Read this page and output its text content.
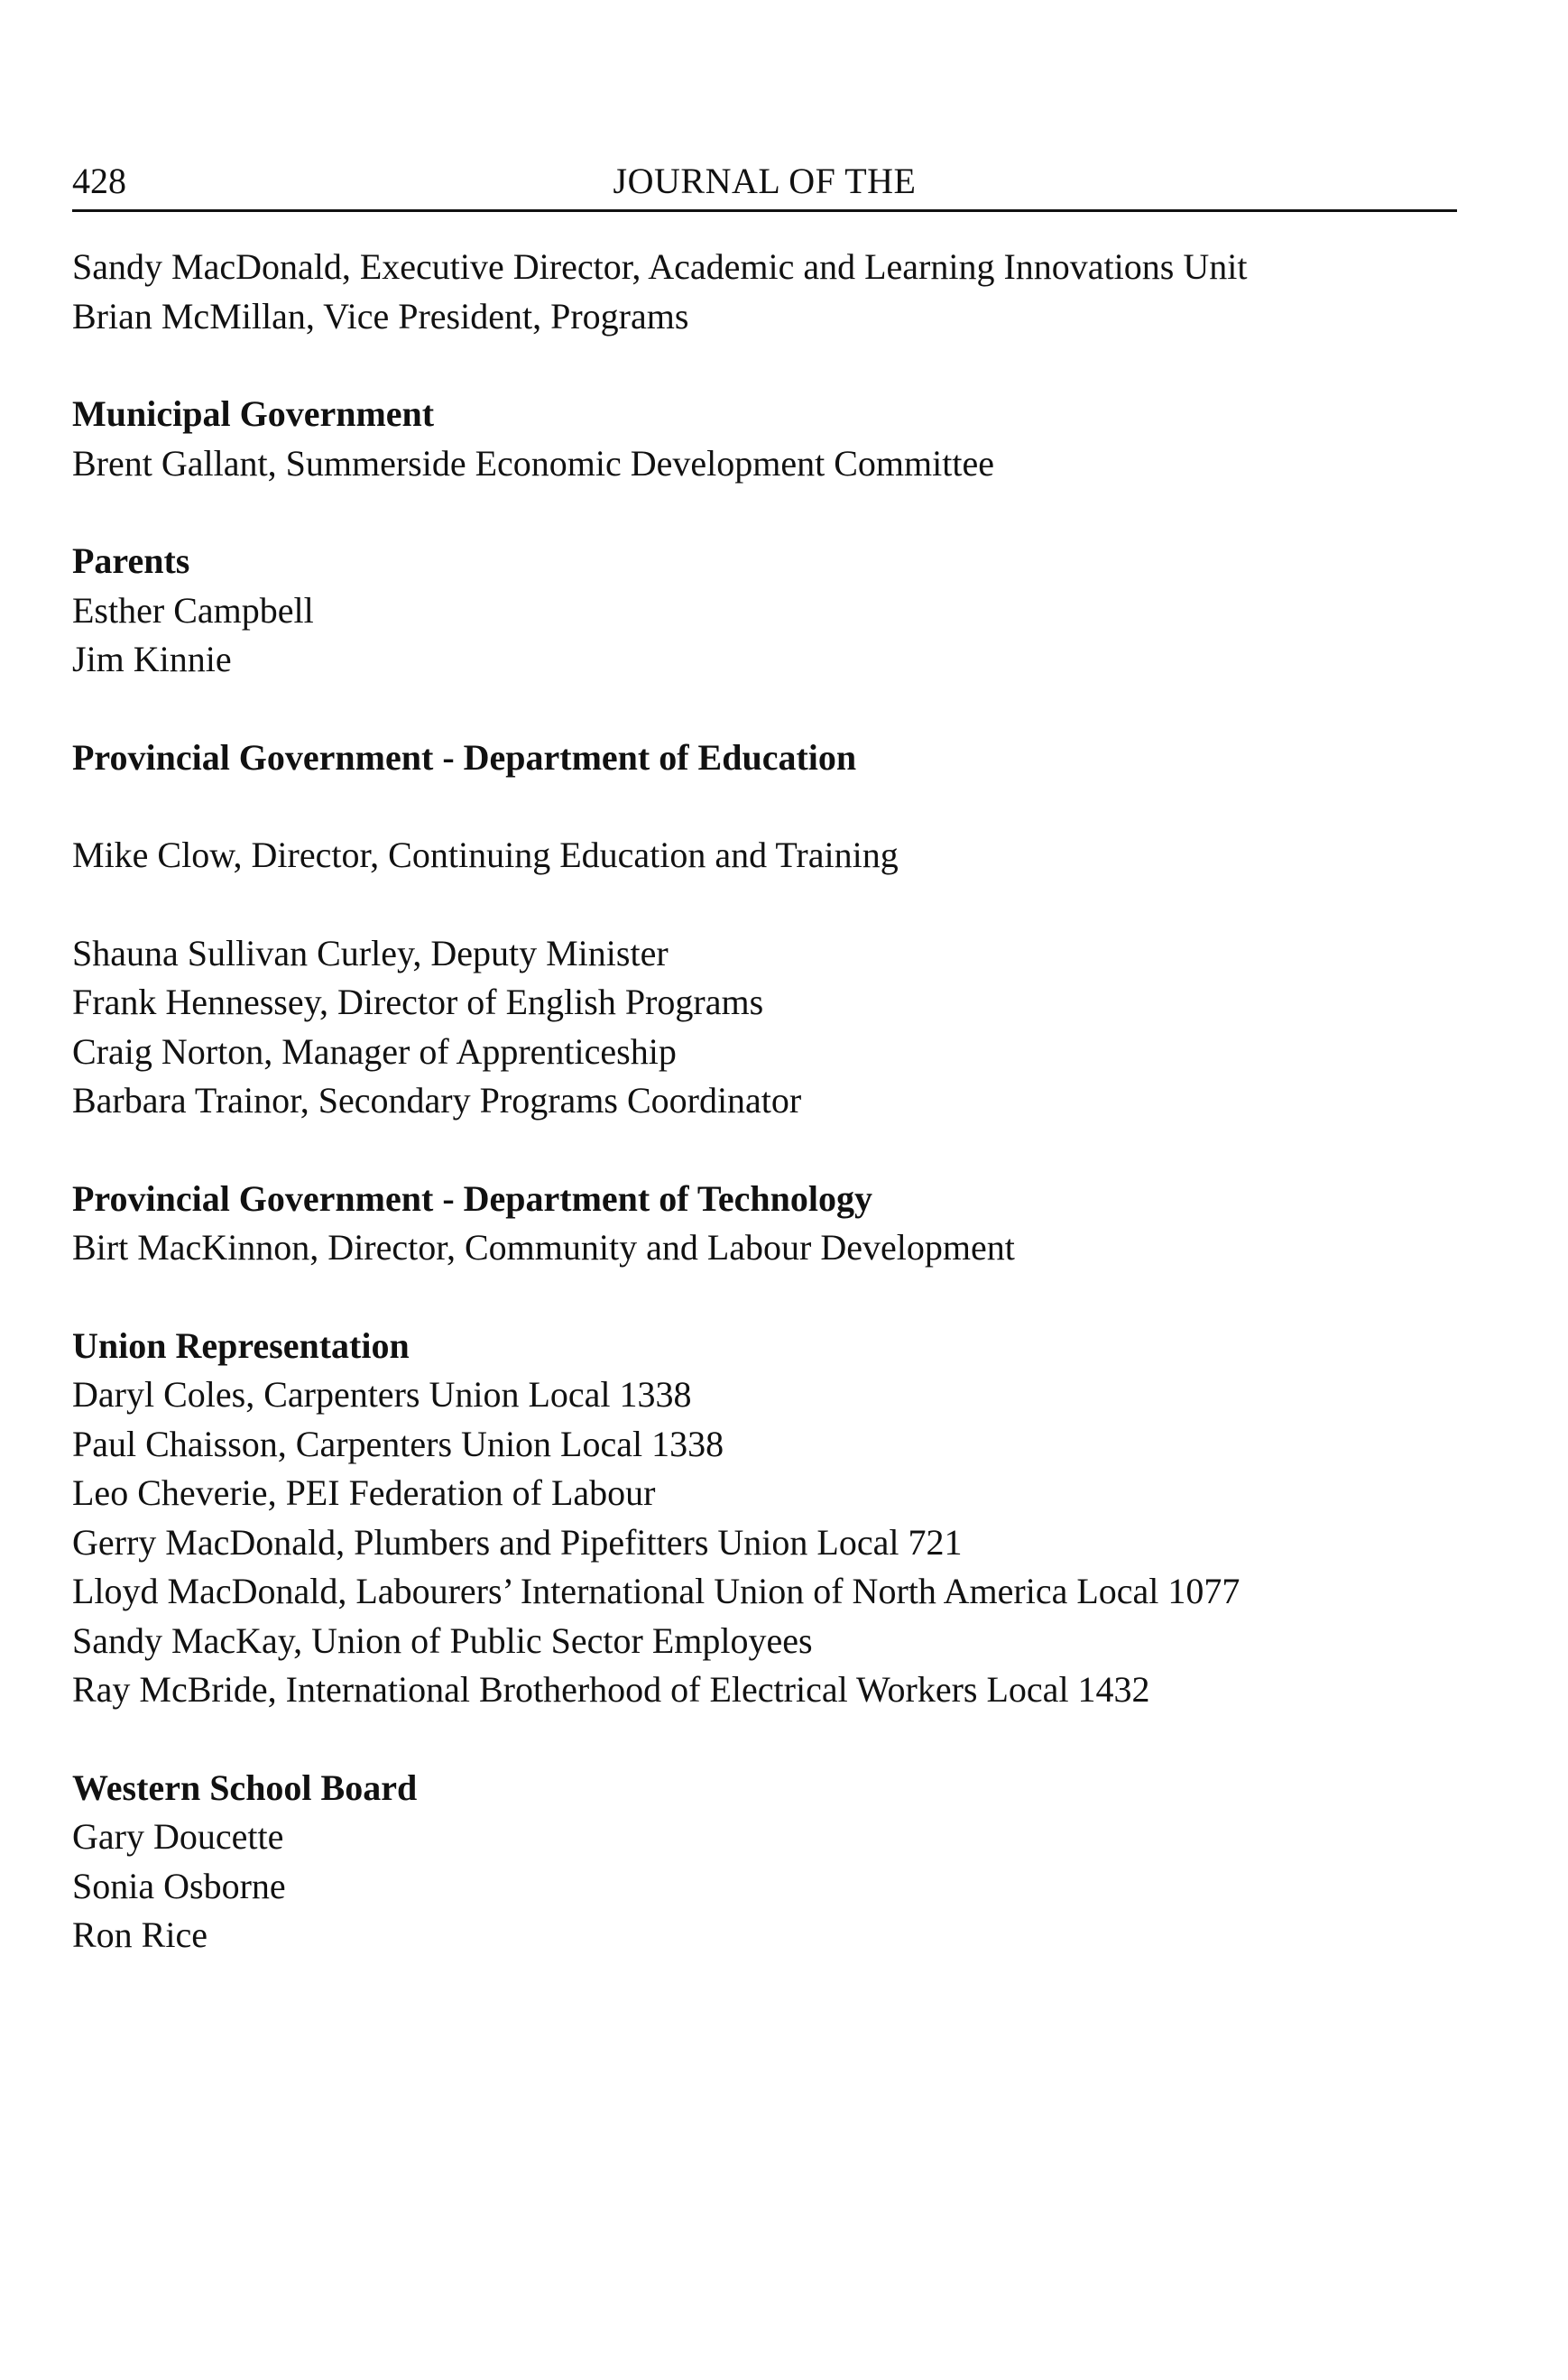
428	JOURNAL OF THE
Sandy MacDonald, Executive Director, Academic and Learning Innovations Unit
Brian McMillan, Vice President, Programs
Municipal Government
Brent Gallant, Summerside Economic Development Committee
Parents
Esther Campbell
Jim Kinnie
Provincial Government - Department of Education
Mike Clow, Director, Continuing Education and Training
Shauna Sullivan Curley, Deputy Minister
Frank Hennessey, Director of English Programs
Craig Norton, Manager of Apprenticeship
Barbara Trainor, Secondary Programs Coordinator
Provincial Government - Department of Technology
Birt MacKinnon, Director, Community and Labour Development
Union Representation
Daryl Coles, Carpenters Union Local 1338
Paul Chaisson, Carpenters Union Local 1338
Leo Cheverie, PEI Federation of Labour
Gerry MacDonald, Plumbers and Pipefitters Union Local 721
Lloyd MacDonald, Labourers’ International Union of North America Local 1077
Sandy MacKay, Union of Public Sector Employees
Ray McBride, International Brotherhood of Electrical Workers Local 1432
Western School Board
Gary Doucette
Sonia Osborne
Ron Rice
